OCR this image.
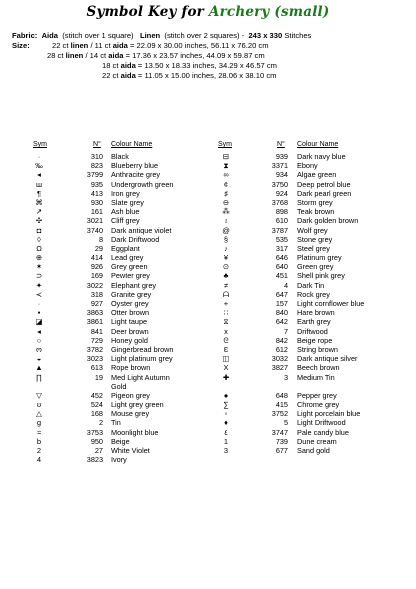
Symbol Key for Archery (small)
Fabric: Aida (stitch over 1 square) Linen (stitch over 2 squares) - 243 x 330 Stitches
Size:	22 ct linen / 11 ct aida = 22.09 x 30.00 inches, 56.11 x 76.20 cm
28 ct linen / 14 ct aida = 17.36 x 23.57 inches, 44.09 x 59.87 cm
18 ct aida = 13.50 x 18.33 inches, 34.29 x 46.57 cm
22 ct aida = 11.05 x 15.00 inches, 28.06 x 38.10 cm
Sym	N° Colour Name	Sym	N° Colour Name
·	310 Black
‰	823 Blueberry blue
◂	3799 Anthracite grey
ш	935 Undergrowth green
¶	413 Iron grey
⌘	930 Slate grey
↗	161 Ash blue
✣	3021 Cliff grey
◘	3740 Dark antique violet
◊	8 Dark Driftwood
Ω	29 Eggplant
⊕	414 Lead grey
✶	926 Grey green
⊃	169 Pewter grey
✦	3022 Elephant grey
≺	318 Granite grey
·	927 Oyster grey
▪	3863 Otter brown
◪	3861 Light taupe
◂	841 Deer brown
○	729 Honey gold
ო	3782 Gingerbread brown
◒	3023 Light platinum grey
▲	613 Rope brown
∏	19 Med Light Autumn
Gold
▽	452 Pigeon grey
ʊ	524 Light grey green
△	168 Mouse grey
g	2 Tin
≈	3753 Moonlight blue
b	950 Beige
2	27 White Violet
4	3823 Ivory
⊟	939 Dark navy blue
⧗	3371 Ebony
∞	934 Algae green
¢	3750 Deep petrol blue
♯	924 Dark pearl green
⊖	3768 Storm grey
⁂	898 Teak brown
♁	610 Dark golden brown
@	3787 Wolf grey
§	535 Stone grey
♪	317 Steel grey
¥	646 Platinum grey
⊙	640 Green grey
♣	451 Shell pink grey
≠	4 Dark Tin
ᗩ	647 Rock grey
+	157 Light cornflower blue
∷	840 Hare brown
⧖	642 Earth grey
x	7 Driftwood
ᘓ	842 Beige rope
Ɛ	612 String brown
◫	3032 Dark antique silver
X	3827 Beech brown
✚	3 Medium Tin
●	648 Pepper grey
∑	415 Chrome grey
▫	3752 Light porcelain blue
♦	5 Light Driftwood
٤	3747 Pale candy blue
1	739 Dune cream
3	677 Sand gold
